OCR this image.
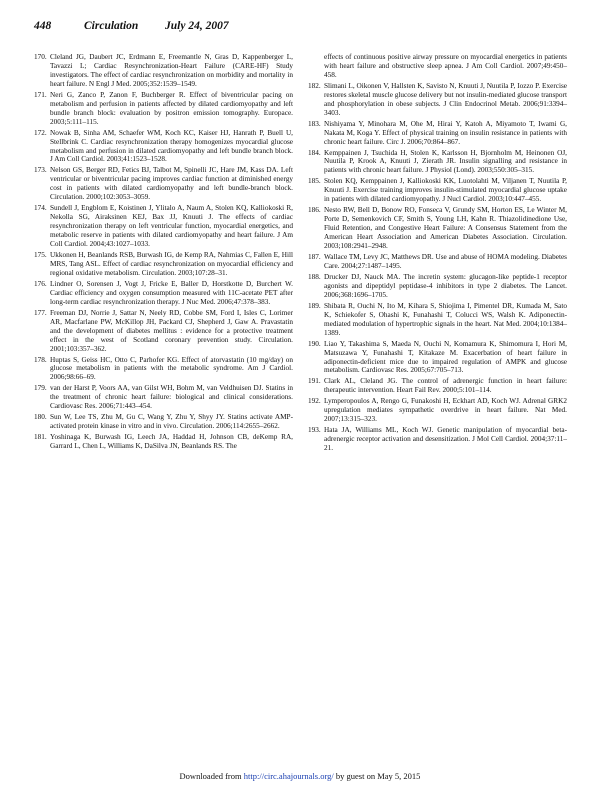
448	Circulation July 24, 2007
170. Cleland JG, Daubert JC, Erdmann E, Freemantle N, Gras D, Kappenberger L, Tavazzi L; Cardiac Resynchronization-Heart Failure (CARE-HF) Study investigators. The effect of cardiac resynchronization on morbidity and mortality in heart failure. N Engl J Med. 2005;352:1539–1549.
171. Neri G, Zanco P, Zanon F, Buchberger R. Effect of biventricular pacing on metabolism and perfusion in patients affected by dilated cardiomyopathy and left bundle branch block: evaluation by positron emission tomography. Europace. 2003;5:111–115.
172. Nowak B, Sinha AM, Schaefer WM, Koch KC, Kaiser HJ, Hanrath P, Buell U, Stellbrink C. Cardiac resynchronization therapy homogenizes myocardial glucose metabolism and perfusion in dilated cardiomyopathy and left bundle branch block. J Am Coll Cardiol. 2003;41:1523–1528.
173. Nelson GS, Berger RD, Fetics BJ, Talbot M, Spinelli JC, Hare JM, Kass DA. Left ventricular or biventricular pacing improves cardiac function at diminished energy cost in patients with dilated cardiomyopathy and left bundle-branch block. Circulation. 2000;102:3053–3059.
174. Sundell J, Engblom E, Koistinen J, Ylitalo A, Naum A, Stolen KQ, Kalliokoski R, Nekolla SG, Airaksinen KEJ, Bax JJ, Knuuti J. The effects of cardiac resynchronization therapy on left ventricular function, myocardial energetics, and metabolic reserve in patients with dilated cardiomyopathy and heart failure. J Am Coll Cardiol. 2004;43:1027–1033.
175. Ukkonen H, Beanlands RSB, Burwash IG, de Kemp RA, Nahmias C, Fallen E, Hill MRS, Tang ASL. Effect of cardiac resynchronization on myocardial efficiency and regional oxidative metabolism. Circulation. 2003;107:28–31.
176. Lindner O, Sorensen J, Vogt J, Fricke E, Baller D, Horstkotte D, Burchert W. Cardiac efficiency and oxygen consumption measured with 11C-acetate PET after long-term cardiac resynchronization therapy. J Nuc Med. 2006;47:378–383.
177. Freeman DJ, Norrie J, Sattar N, Neely RD, Cobbe SM, Ford I, Isles C, Lorimer AR, Macfarlane PW, McKillop JH, Packard CJ, Shepherd J, Gaw A. Pravastatin and the development of diabetes mellitus : evidence for a protective treatment effect in the west of Scotland coronary prevention study. Circulation. 2001;103:357–362.
178. Huptas S, Geiss HC, Otto C, Parhofer KG. Effect of atorvastatin (10 mg/day) on glucose metabolism in patients with the metabolic syndrome. Am J Cardiol. 2006;98:66–69.
179. van der Harst P, Voors AA, van Gilst WH, Bohm M, van Veldhuisen DJ. Statins in the treatment of chronic heart failure: biological and clinical considerations. Cardiovasc Res. 2006;71:443–454.
180. Sun W, Lee TS, Zhu M, Gu C, Wang Y, Zhu Y, Shyy JY. Statins activate AMP-activated protein kinase in vitro and in vivo. Circulation. 2006;114:2655–2662.
181. Yoshinaga K, Burwash IG, Leech JA, Haddad H, Johnson CB, deKemp RA, Garrard L, Chen L, Williams K, DaSilva JN, Beanlands RS. The
effects of continuous positive airway pressure on myocardial energetics in patients with heart failure and obstructive sleep apnea. J Am Coll Cardiol. 2007;49:450–458.
182. Slimani L, Oikonen V, Hallsten K, Savisto N, Knuuti J, Nuutila P, Iozzo P. Exercise restores skeletal muscle glucose delivery but not insulin-mediated glucose transport and phosphorylation in obese subjects. J Clin Endocrinol Metab. 2006;91:3394–3403.
183. Nishiyama Y, Minohara M, Ohe M, Hirai Y, Katoh A, Miyamoto T, Iwami G, Nakata M, Koga Y. Effect of physical training on insulin resistance in patients with chronic heart failure. Circ J. 2006;70:864–867.
184. Kemppainen J, Tsuchida H, Stolen K, Karlsson H, Bjornholm M, Heinonen OJ, Nuutila P, Krook A, Knuuti J, Zierath JR. Insulin signalling and resistance in patients with chronic heart failure. J Physiol (Lond). 2003;550:305–315.
185. Stolen KQ, Kemppainen J, Kalliokoski KK, Luotolahti M, Viljanen T, Nuutila P, Knuuti J. Exercise training improves insulin-stimulated myocardial glucose uptake in patients with dilated cardiomyopathy. J Nucl Cardiol. 2003;10:447–455.
186. Nesto RW, Bell D, Bonow RO, Fonseca V, Grundy SM, Horton ES, Le Winter M, Porte D, Semenkovich CF, Smith S, Young LH, Kahn R. Thiazolidinedione Use, Fluid Retention, and Congestive Heart Failure: A Consensus Statement from the American Heart Association and American Diabetes Association. Circulation. 2003;108:2941–2948.
187. Wallace TM, Levy JC, Matthews DR. Use and abuse of HOMA modeling. Diabetes Care. 2004;27:1487–1495.
188. Drucker DJ, Nauck MA. The incretin system: glucagon-like peptide-1 receptor agonists and dipeptidyl peptidase-4 inhibitors in type 2 diabetes. The Lancet. 2006;368:1696–1705.
189. Shibata R, Ouchi N, Ito M, Kihara S, Shiojima I, Pimentel DR, Kumada M, Sato K, Schiekofer S, Ohashi K, Funahashi T, Colucci WS, Walsh K. Adiponectin-mediated modulation of hypertrophic signals in the heart. Nat Med. 2004;10:1384–1389.
190. Liao Y, Takashima S, Maeda N, Ouchi N, Komamura K, Shimomura I, Hori M, Matsuzawa Y, Funahashi T, Kitakaze M. Exacerbation of heart failure in adiponectin-deficient mice due to impaired regulation of AMPK and glucose metabolism. Cardiovasc Res. 2005;67:705–713.
191. Clark AL, Cleland JG. The control of adrenergic function in heart failure: therapeutic intervention. Heart Fail Rev. 2000;5:101–114.
192. Lymperopoulos A, Rengo G, Funakoshi H, Eckhart AD, Koch WJ. Adrenal GRK2 upregulation mediates sympathetic overdrive in heart failure. Nat Med. 2007;13:315–323.
193. Hata JA, Williams ML, Koch WJ. Genetic manipulation of myocardial beta-adrenergic receptor activation and desensitization. J Mol Cell Cardiol. 2004;37:11–21.
Downloaded from http://circ.ahajournals.org/ by guest on May 5, 2015
